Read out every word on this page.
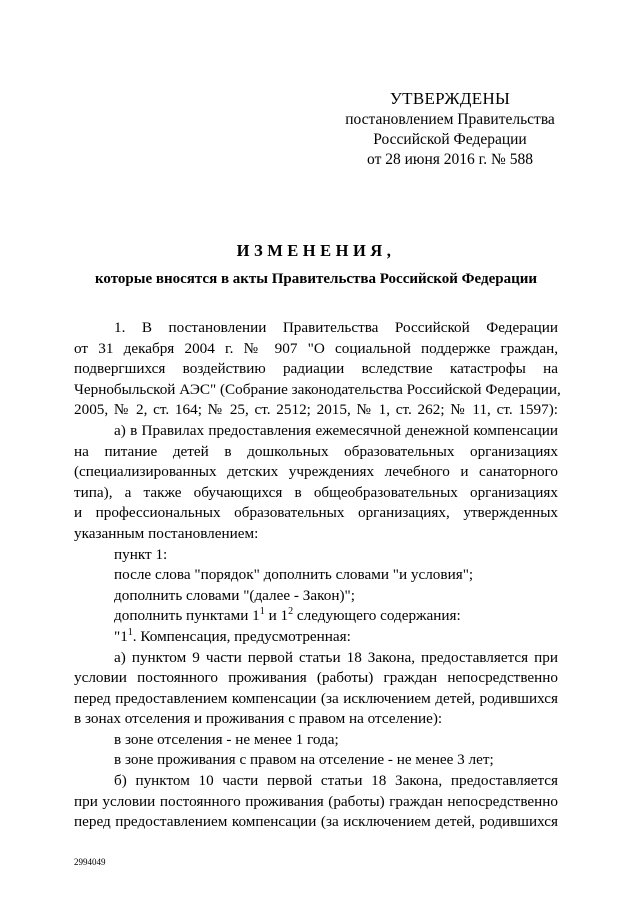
УТВЕРЖДЕНЫ
постановлением Правительства
Российской Федерации
от 28 июня 2016 г. № 588
ИЗМЕНЕНИЯ,
которые вносятся в акты Правительства Российской Федерации
1. В постановлении Правительства Российской Федерации
от 31 декабря 2004 г. № 907 "О социальной поддержке граждан,
подвергшихся воздействию радиации вследствие катастрофы на
Чернобыльской АЭС" (Собрание законодательства Российской Федерации,
2005, № 2, ст. 164; № 25, ст. 2512; 2015, № 1, ст. 262; № 11, ст. 1597):
а) в Правилах предоставления ежемесячной денежной компенсации
на питание детей в дошкольных образовательных организациях
(специализированных детских учреждениях лечебного и санаторного
типа), а также обучающихся в общеобразовательных организациях
и профессиональных образовательных организациях, утвержденных
указанным постановлением:
пункт 1:
после слова "порядок" дополнить словами "и условия";
дополнить словами "(далее - Закон)";
дополнить пунктами $1^1$ и $1^2$ следующего содержания:
"$1^1$. Компенсация, предусмотренная:
а) пунктом 9 части первой статьи 18 Закона, предоставляется при
условии постоянного проживания (работы) граждан непосредственно
перед предоставлением компенсации (за исключением детей, родившихся
в зонах отселения и проживания с правом на отселение):
в зоне отселения - не менее 1 года;
в зоне проживания с правом на отселение - не менее 3 лет;
б) пунктом 10 части первой статьи 18 Закона, предоставляется
при условии постоянного проживания (работы) граждан непосредственно
перед предоставлением компенсации (за исключением детей, родившихся
2994049
